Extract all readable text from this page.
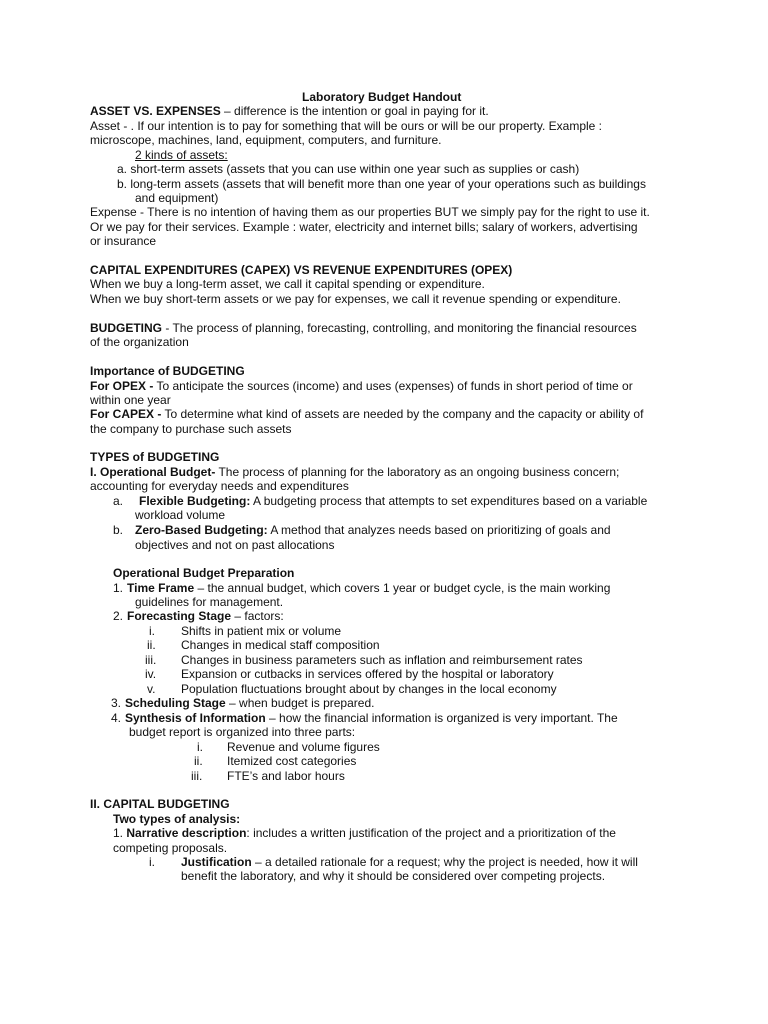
Laboratory Budget Handout
ASSET VS. EXPENSES – difference is the intention or goal in paying for it.
Asset - . If our intention is to pay for something that will be ours or will be our property. Example :
microscope, machines, land, equipment, computers, and furniture.
2 kinds of assets:
a. short-term assets (assets that you can use within one year such as supplies or cash)
b. long-term assets (assets that will benefit more than one year of your operations such as buildings
and equipment)
Expense - There is no intention of having them as our properties BUT we simply pay for the right to use it.
Or we pay for their services. Example : water, electricity and internet bills; salary of workers, advertising
or insurance
CAPITAL EXPENDITURES (CAPEX) VS REVENUE EXPENDITURES (OPEX)
When we buy a long-term asset, we call it capital spending or expenditure.
When we buy short-term assets or we pay for expenses, we call it revenue spending or expenditure.
BUDGETING - The process of planning, forecasting, controlling, and monitoring the financial resources
of the organization
Importance of BUDGETING
For OPEX - To anticipate the sources (income) and uses (expenses) of funds in short period of time or
within one year
For CAPEX - To determine what kind of assets are needed by the company and the capacity or ability of
the company to purchase such assets
TYPES of BUDGETING
I. Operational Budget- The process of planning for the laboratory as an ongoing business concern;
accounting for everyday needs and expenditures
a. Flexible Budgeting: A budgeting process that attempts to set expenditures based on a variable
workload volume
b. Zero-Based Budgeting: A method that analyzes needs based on prioritizing of goals and
objectives and not on past allocations
Operational Budget Preparation
1. Time Frame – the annual budget, which covers 1 year or budget cycle, is the main working
guidelines for management.
2. Forecasting Stage – factors:
i. Shifts in patient mix or volume
ii. Changes in medical staff composition
iii. Changes in business parameters such as inflation and reimbursement rates
iv. Expansion or cutbacks in services offered by the hospital or laboratory
v. Population fluctuations brought about by changes in the local economy
3. Scheduling Stage – when budget is prepared.
4. Synthesis of Information – how the financial information is organized is very important. The
budget report is organized into three parts:
i. Revenue and volume figures
ii. Itemized cost categories
iii. FTE’s and labor hours
II. CAPITAL BUDGETING
Two types of analysis:
1. Narrative description: includes a written justification of the project and a prioritization of the
competing proposals.
i. Justification – a detailed rationale for a request; why the project is needed, how it will
benefit the laboratory, and why it should be considered over competing projects.
